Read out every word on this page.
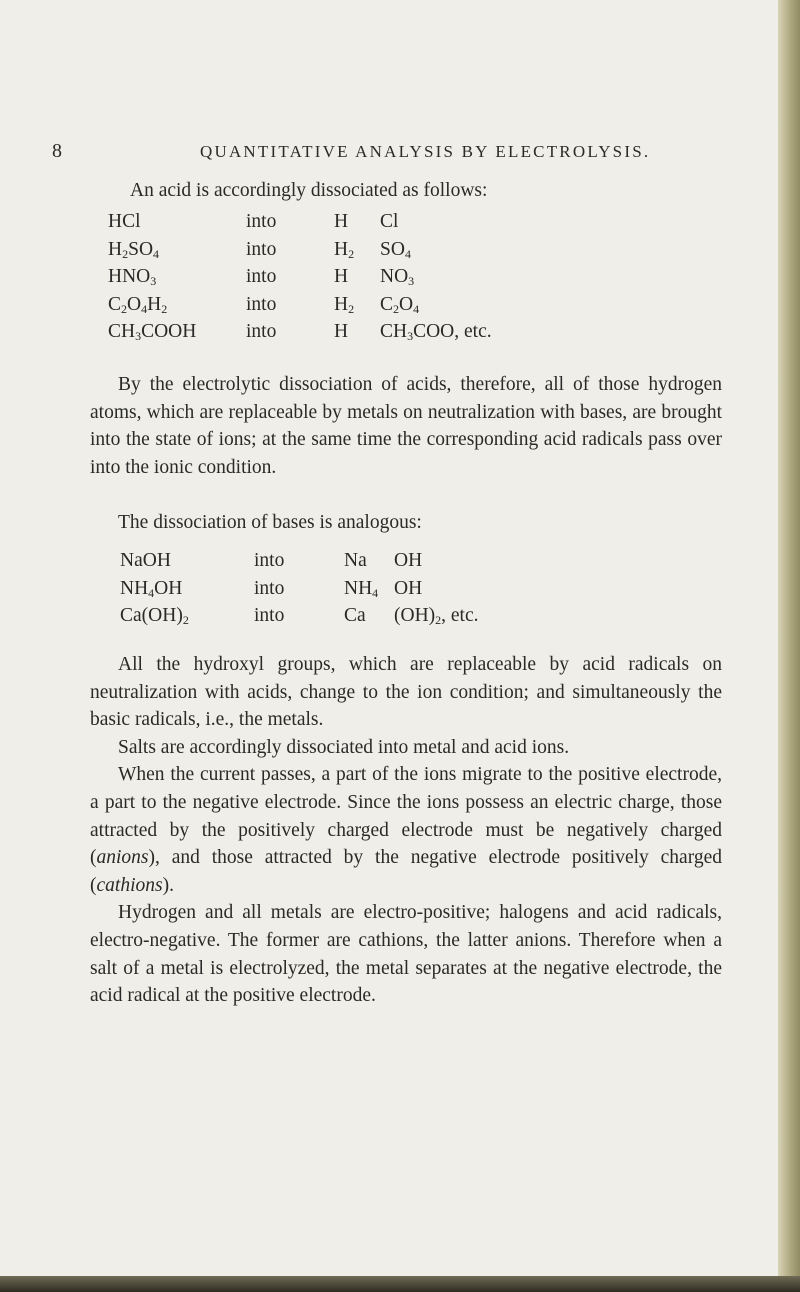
8	QUANTITATIVE ANALYSIS BY ELECTROLYSIS.

An acid is accordingly dissociated as follows:

HCl	into	H	Cl
$H_2SO_4$	into	$H_2$	$SO_4$
$HNO_3$	into	H	$NO_3$
$C_2O_4H_2$	into	$H_2$	$C_2O_4$
$CH_3COOH$	into	H	$CH_3COO$, etc.

By the electrolytic dissociation of acids, therefore, all of those hydrogen atoms, which are replaceable by metals on neutralization with bases, are brought into the state of ions; at the same time the corresponding acid radicals pass over into the ionic condition.

The dissociation of bases is analogous:

NaOH	into	Na	OH
$NH_4OH$	into	$NH_4$	OH
$Ca(OH)_2$	into	Ca	$(OH)_2$, etc.

All the hydroxyl groups, which are replaceable by acid radicals on neutralization with acids, change to the ion condition; and simultaneously the basic radicals, i.e., the metals.

Salts are accordingly dissociated into metal and acid ions.

When the current passes, a part of the ions migrate to the positive electrode, a part to the negative electrode. Since the ions possess an electric charge, those attracted by the positively charged electrode must be negatively charged (anions), and those attracted by the negative electrode positively charged (cathions).

Hydrogen and all metals are electro-positive; halogens and acid radicals, electro-negative. The former are cathions, the latter anions. Therefore when a salt of a metal is electrolyzed, the metal separates at the negative electrode, the acid radical at the positive electrode.
